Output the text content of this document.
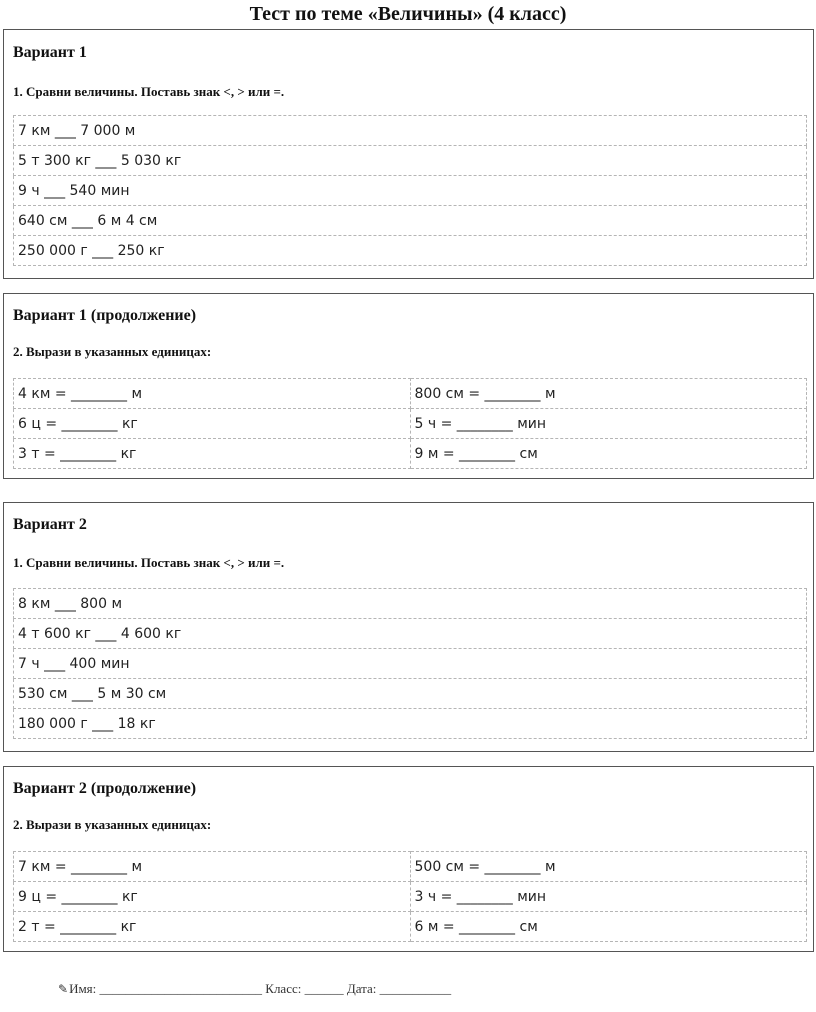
Тест по теме «Величины» (4 класс)
Вариант 1

1. Сравни величины. Поставь знак <, > или =.

7 км ___ 7 000 м
5 т 300 кг ___ 5 030 кг
9 ч ___ 540 мин
640 см ___ 6 м 4 см
250 000 г ___ 250 кг
Вариант 1 (продолжение)

2. Вырази в указанных единицах:

4 км = ________ м	800 см = ________ м
6 ц = ________ кг	5 ч = ________ мин
3 т = ________ кг	9 м = ________ см
Вариант 2

1. Сравни величины. Поставь знак <, > или =.

8 км ___ 800 м
4 т 600 кг ___ 4 600 кг
7 ч ___ 400 мин
530 см ___ 5 м 30 см
180 000 г ___ 18 кг
Вариант 2 (продолжение)

2. Вырази в указанных единицах:

7 км = ________ м	500 см = ________ м
9 ц = ________ кг	3 ч = ________ мин
2 т = ________ кг	6 м = ________ см
✎Имя: _________________________ Класс: ______ Дата: ___________
